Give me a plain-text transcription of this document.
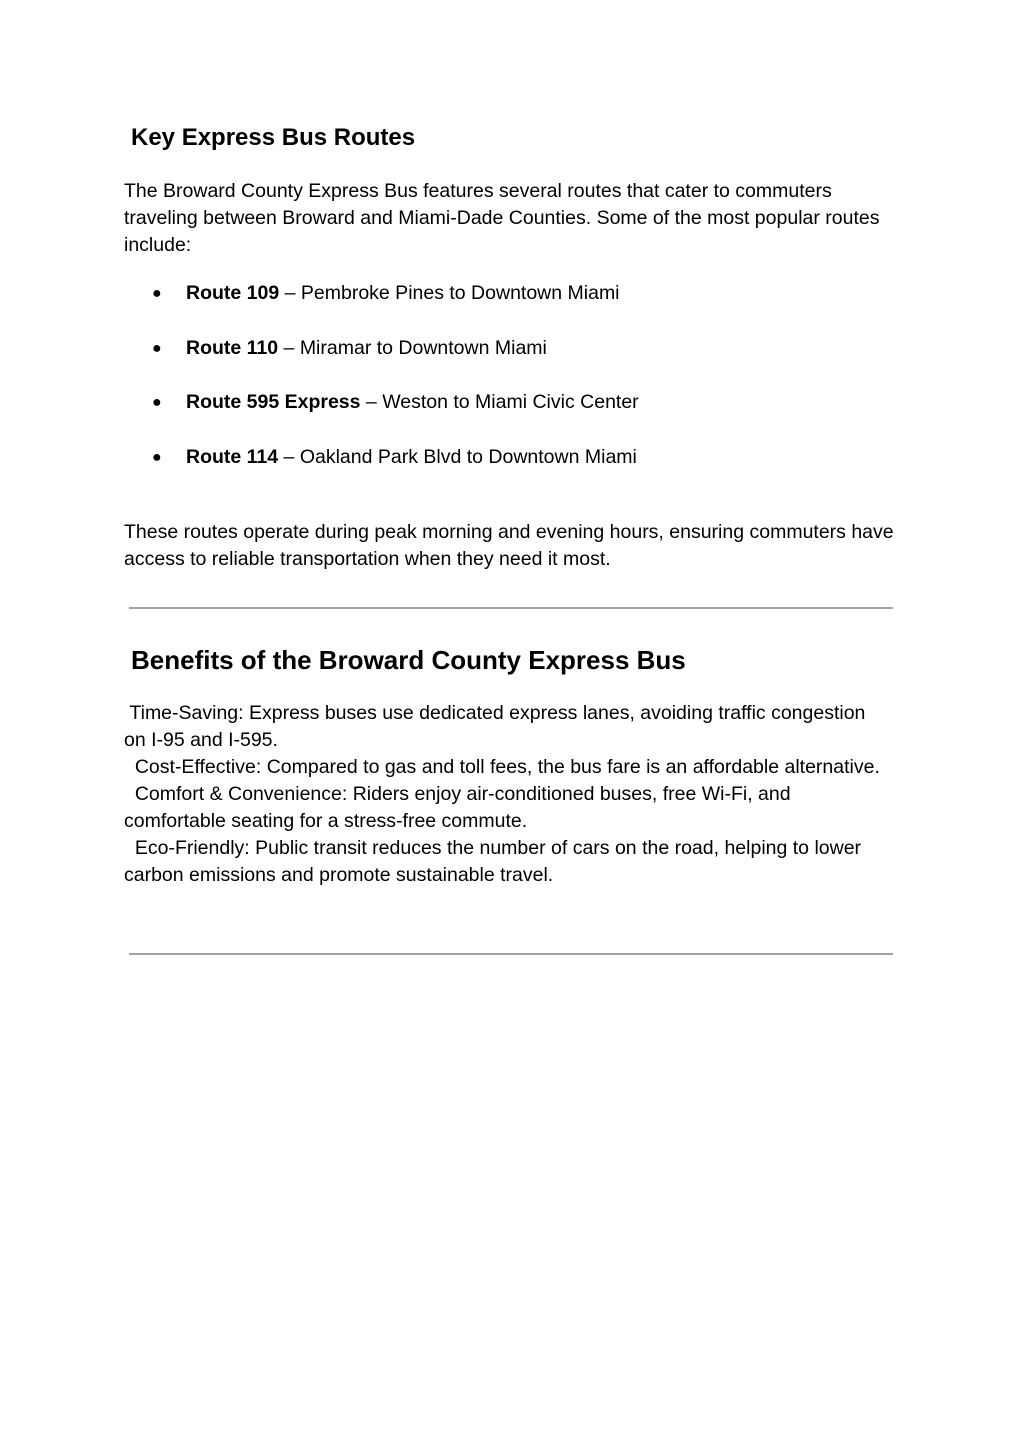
Key Express Bus Routes

The Broward County Express Bus features several routes that cater to commuters traveling between Broward and Miami-Dade Counties. Some of the most popular routes include:

● Route 109 – Pembroke Pines to Downtown Miami
● Route 110 – Miramar to Downtown Miami
● Route 595 Express – Weston to Miami Civic Center
● Route 114 – Oakland Park Blvd to Downtown Miami

These routes operate during peak morning and evening hours, ensuring commuters have access to reliable transportation when they need it most.

Benefits of the Broward County Express Bus

Time-Saving: Express buses use dedicated express lanes, avoiding traffic congestion on I-95 and I-595.
Cost-Effective: Compared to gas and toll fees, the bus fare is an affordable alternative.
Comfort & Convenience: Riders enjoy air-conditioned buses, free Wi-Fi, and comfortable seating for a stress-free commute.
Eco-Friendly: Public transit reduces the number of cars on the road, helping to lower carbon emissions and promote sustainable travel.
